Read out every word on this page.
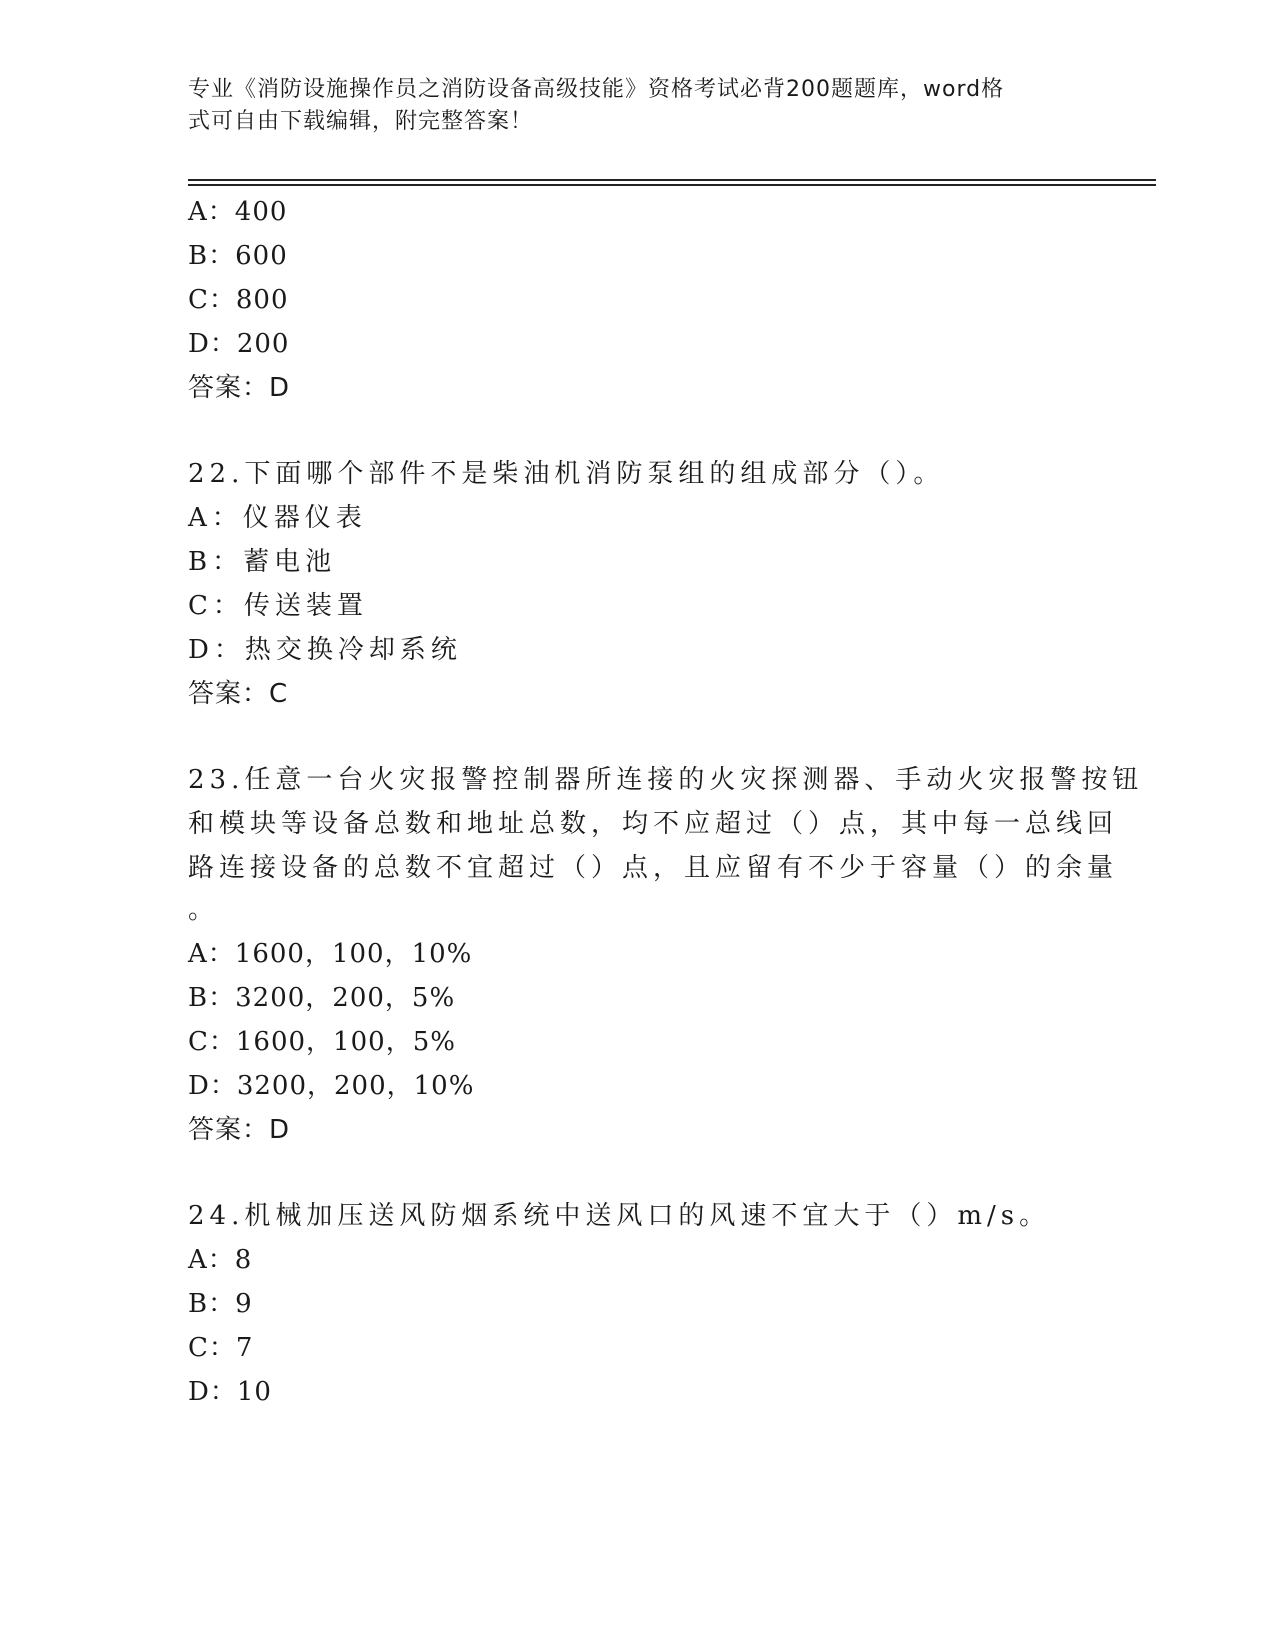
专业《消防设施操作员之消防设备高级技能》资格考试必背200题题库，word格
式可自由下载编辑，附完整答案！
A：400
B：600
C：800
D：200
答案：D
22.下面哪个部件不是柴油机消防泵组的组成部分（）。
A：仪器仪表
B：蓄电池
C：传送装置
D：热交换冷却系统
答案：C
23.任意一台火灾报警控制器所连接的火灾探测器、手动火灾报警按钮
和模块等设备总数和地址总数，均不应超过（）点，其中每一总线回
路连接设备的总数不宜超过（）点，且应留有不少于容量（）的余量
。
A：1600，100，10%
B：3200，200，5%
C：1600，100，5%
D：3200，200，10%
答案：D
24.机械加压送风防烟系统中送风口的风速不宜大于（）m/s。
A：8
B：9
C：7
D：10
